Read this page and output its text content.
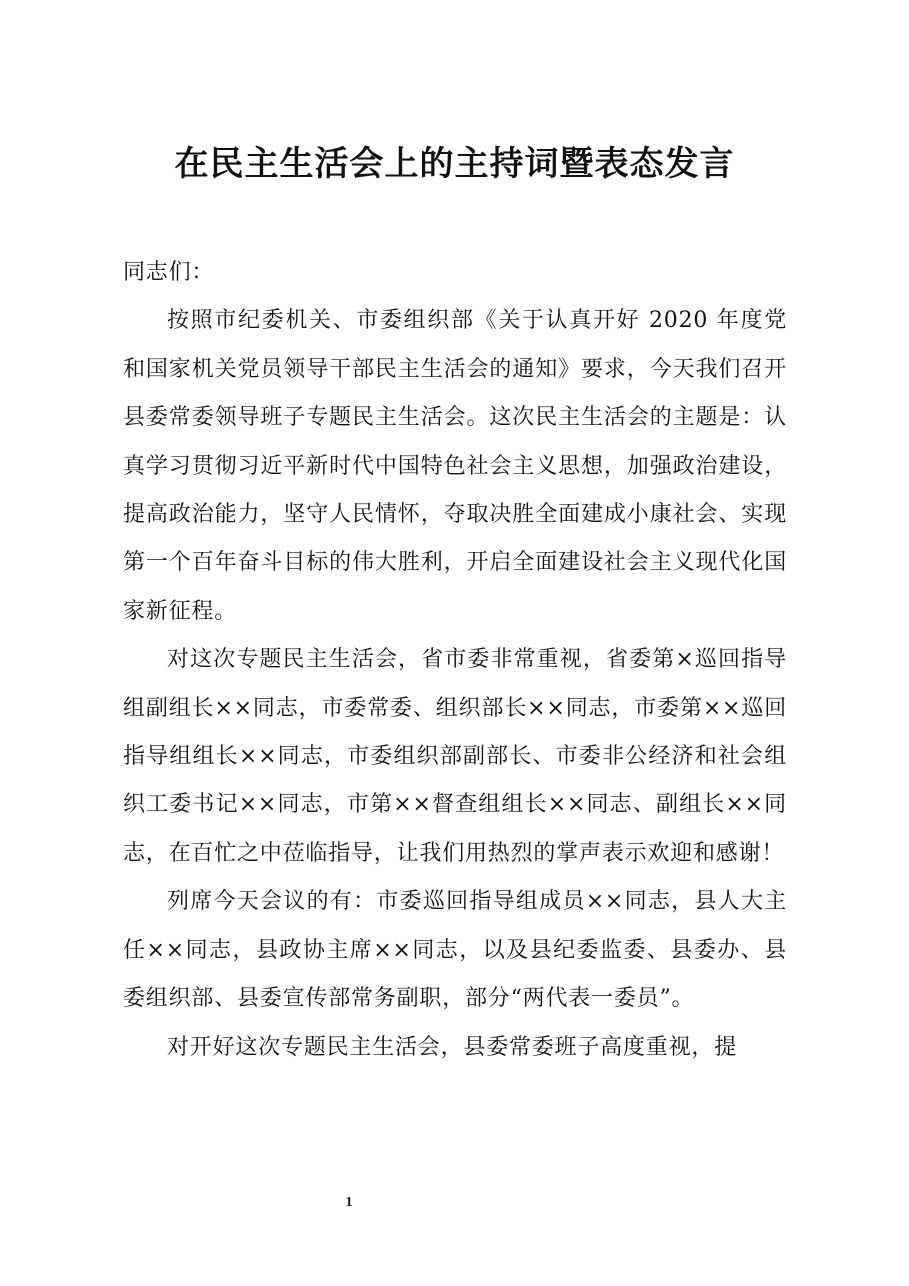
在民主生活会上的主持词暨表态发言

同志们：

按照市纪委机关、市委组织部《关于认真开好 2020 年度党和国家机关党员领导干部民主生活会的通知》要求，今天我们召开县委常委领导班子专题民主生活会。这次民主生活会的主题是：认真学习贯彻习近平新时代中国特色社会主义思想，加强政治建设，提高政治能力，坚守人民情怀，夺取决胜全面建成小康社会、实现第一个百年奋斗目标的伟大胜利，开启全面建设社会主义现代化国家新征程。

对这次专题民主生活会，省市委非常重视，省委第×巡回指导组副组长××同志，市委常委、组织部长××同志，市委第××巡回指导组组长××同志，市委组织部副部长、市委非公经济和社会组织工委书记××同志，市第××督查组组长××同志、副组长××同志，在百忙之中莅临指导，让我们用热烈的掌声表示欢迎和感谢！

列席今天会议的有：市委巡回指导组成员××同志，县人大主任××同志，县政协主席××同志，以及县纪委监委、县委办、县委组织部、县委宣传部常务副职，部分“两代表一委员”。

对开好这次专题民主生活会，县委常委班子高度重视，提

1
